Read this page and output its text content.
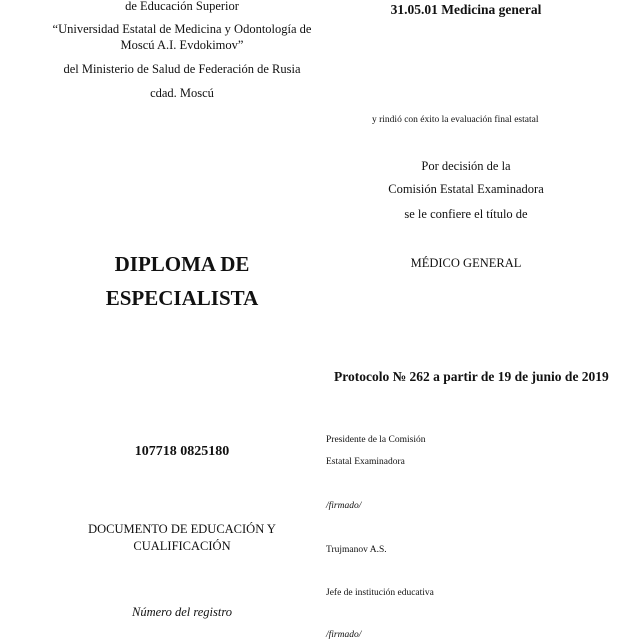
de Educación Superior
“Universidad Estatal de Medicina y Odontología de
Moscú A.I. Evdokimov”
del Ministerio de Salud de Federación de Rusia
cdad. Moscú
DIPLOMA DE
ESPECIALISTA
107718 0825180
DOCUMENTO DE EDUCACIÓN Y
CUALIFICACIÓN
Número del registro
31.05.01 Medicina general
y rindió con éxito la evaluación final estatal
Por decisión de la
Comisión Estatal Examinadora
se le confiere el título de
MÉDICO GENERAL
Protocolo № 262 a partir de 19 de junio de 2019
Presidente de la Comisión
Estatal Examinadora
/firmado/
Trujmanov A.S.
Jefe de institución educativa
/firmado/
